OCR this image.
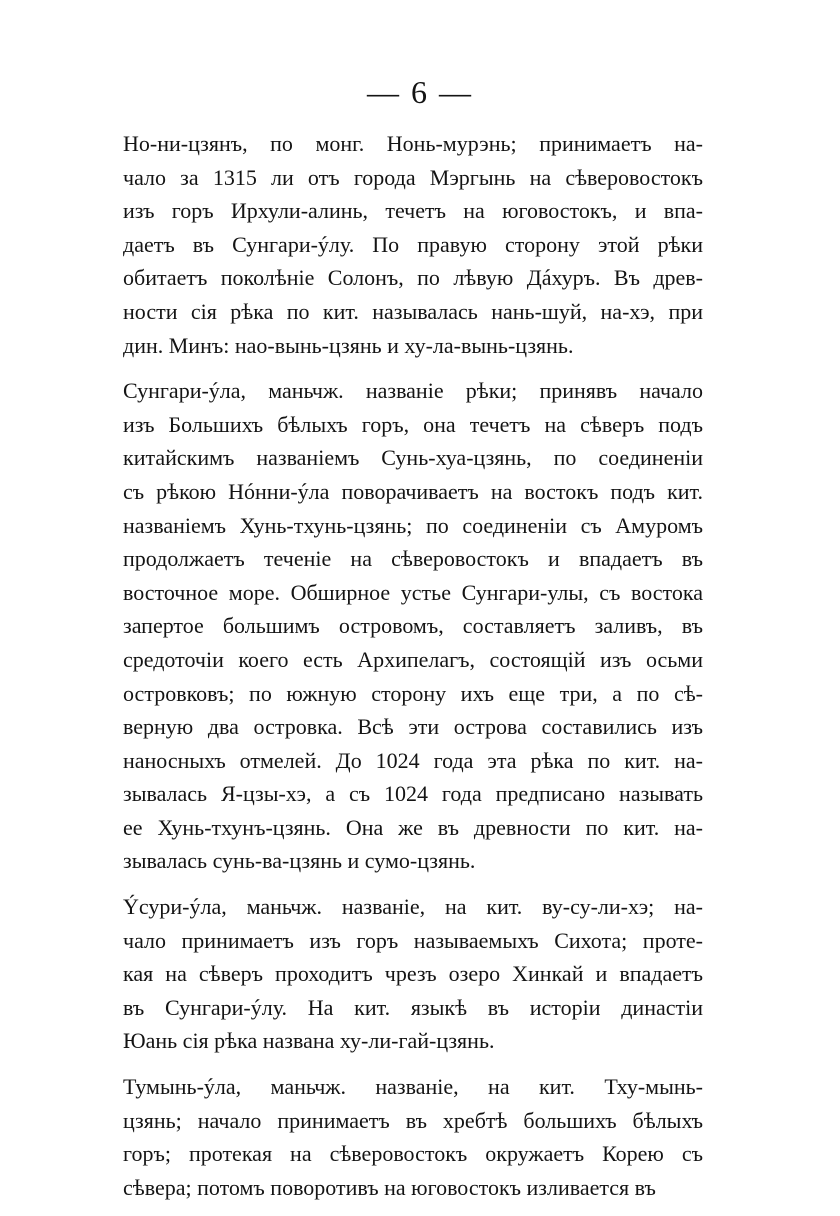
— 6 —
Но-ни-цзянъ, по монг. Нонь-мурэнь; принимаетъ на-
чало за 1315 ли отъ города Мэргынь на сѣверовостокъ
изъ горъ Ирхули-алинь, течетъ на юговостокъ, и впа-
даетъ въ Сунгари-ýлу. По правую сторону этой рѣки
обитаетъ поколѣніе Солонъ, по лѣвую Дáхуръ. Въ древ-
ности сія рѣка по кит. называлась нань-шуй, на-хэ, при
дин. Минъ: нао-вынь-цзянь и ху-ла-вынь-цзянь.
Сунгари-ýла, маньчж. названіе рѣки; принявъ начало
изъ Большихъ бѣлыхъ горъ, она течетъ на сѣверъ подъ
китайскимъ названіемъ Сунь-хуа-цзянь, по соединеніи
съ рѣкою Нóнни-ýла поворачиваетъ на востокъ подъ кит.
названіемъ Хунь-тхунь-цзянь; по соединеніи съ Амуромъ
продолжаетъ теченіе на сѣверовостокъ и впадаетъ въ
восточное море. Обширное устье Сунгари-улы, съ востока
запертое большимъ островомъ, составляетъ заливъ, въ
средоточіи коего есть Архипелагъ, состоящій изъ осьми
островковъ; по южную сторону ихъ еще три, а по сѣ-
верную два островка. Всѣ эти острова составились изъ
наносныхъ отмелей. До 1024 года эта рѣка по кит. на-
зывалась Я-цзы-хэ, а съ 1024 года предписано называть
ее Хунь-тхунъ-цзянь. Она же въ древности по кит. на-
зывалась сунь-ва-цзянь и сумо-цзянь.
Ýсури-ýла, маньчж. названіе, на кит. ву-су-ли-хэ; на-
чало принимаетъ изъ горъ называемыхъ Сихота; проте-
кая на сѣверъ проходитъ чрезъ озеро Хинкай и впадаетъ
въ Сунгари-ýлу. На кит. языкѣ въ исторіи династіи
Юань сія рѣка названа ху-ли-гай-цзянь.
Тумынь-ýла, маньчж. названіе, на кит. Тху-мынь-
цзянь; начало принимаетъ въ хребтѣ большихъ бѣлыхъ
горъ; протекая на сѣверовостокъ окружаетъ Корею съ
сѣвера; потомъ поворотивъ на юговостокъ изливается въ
